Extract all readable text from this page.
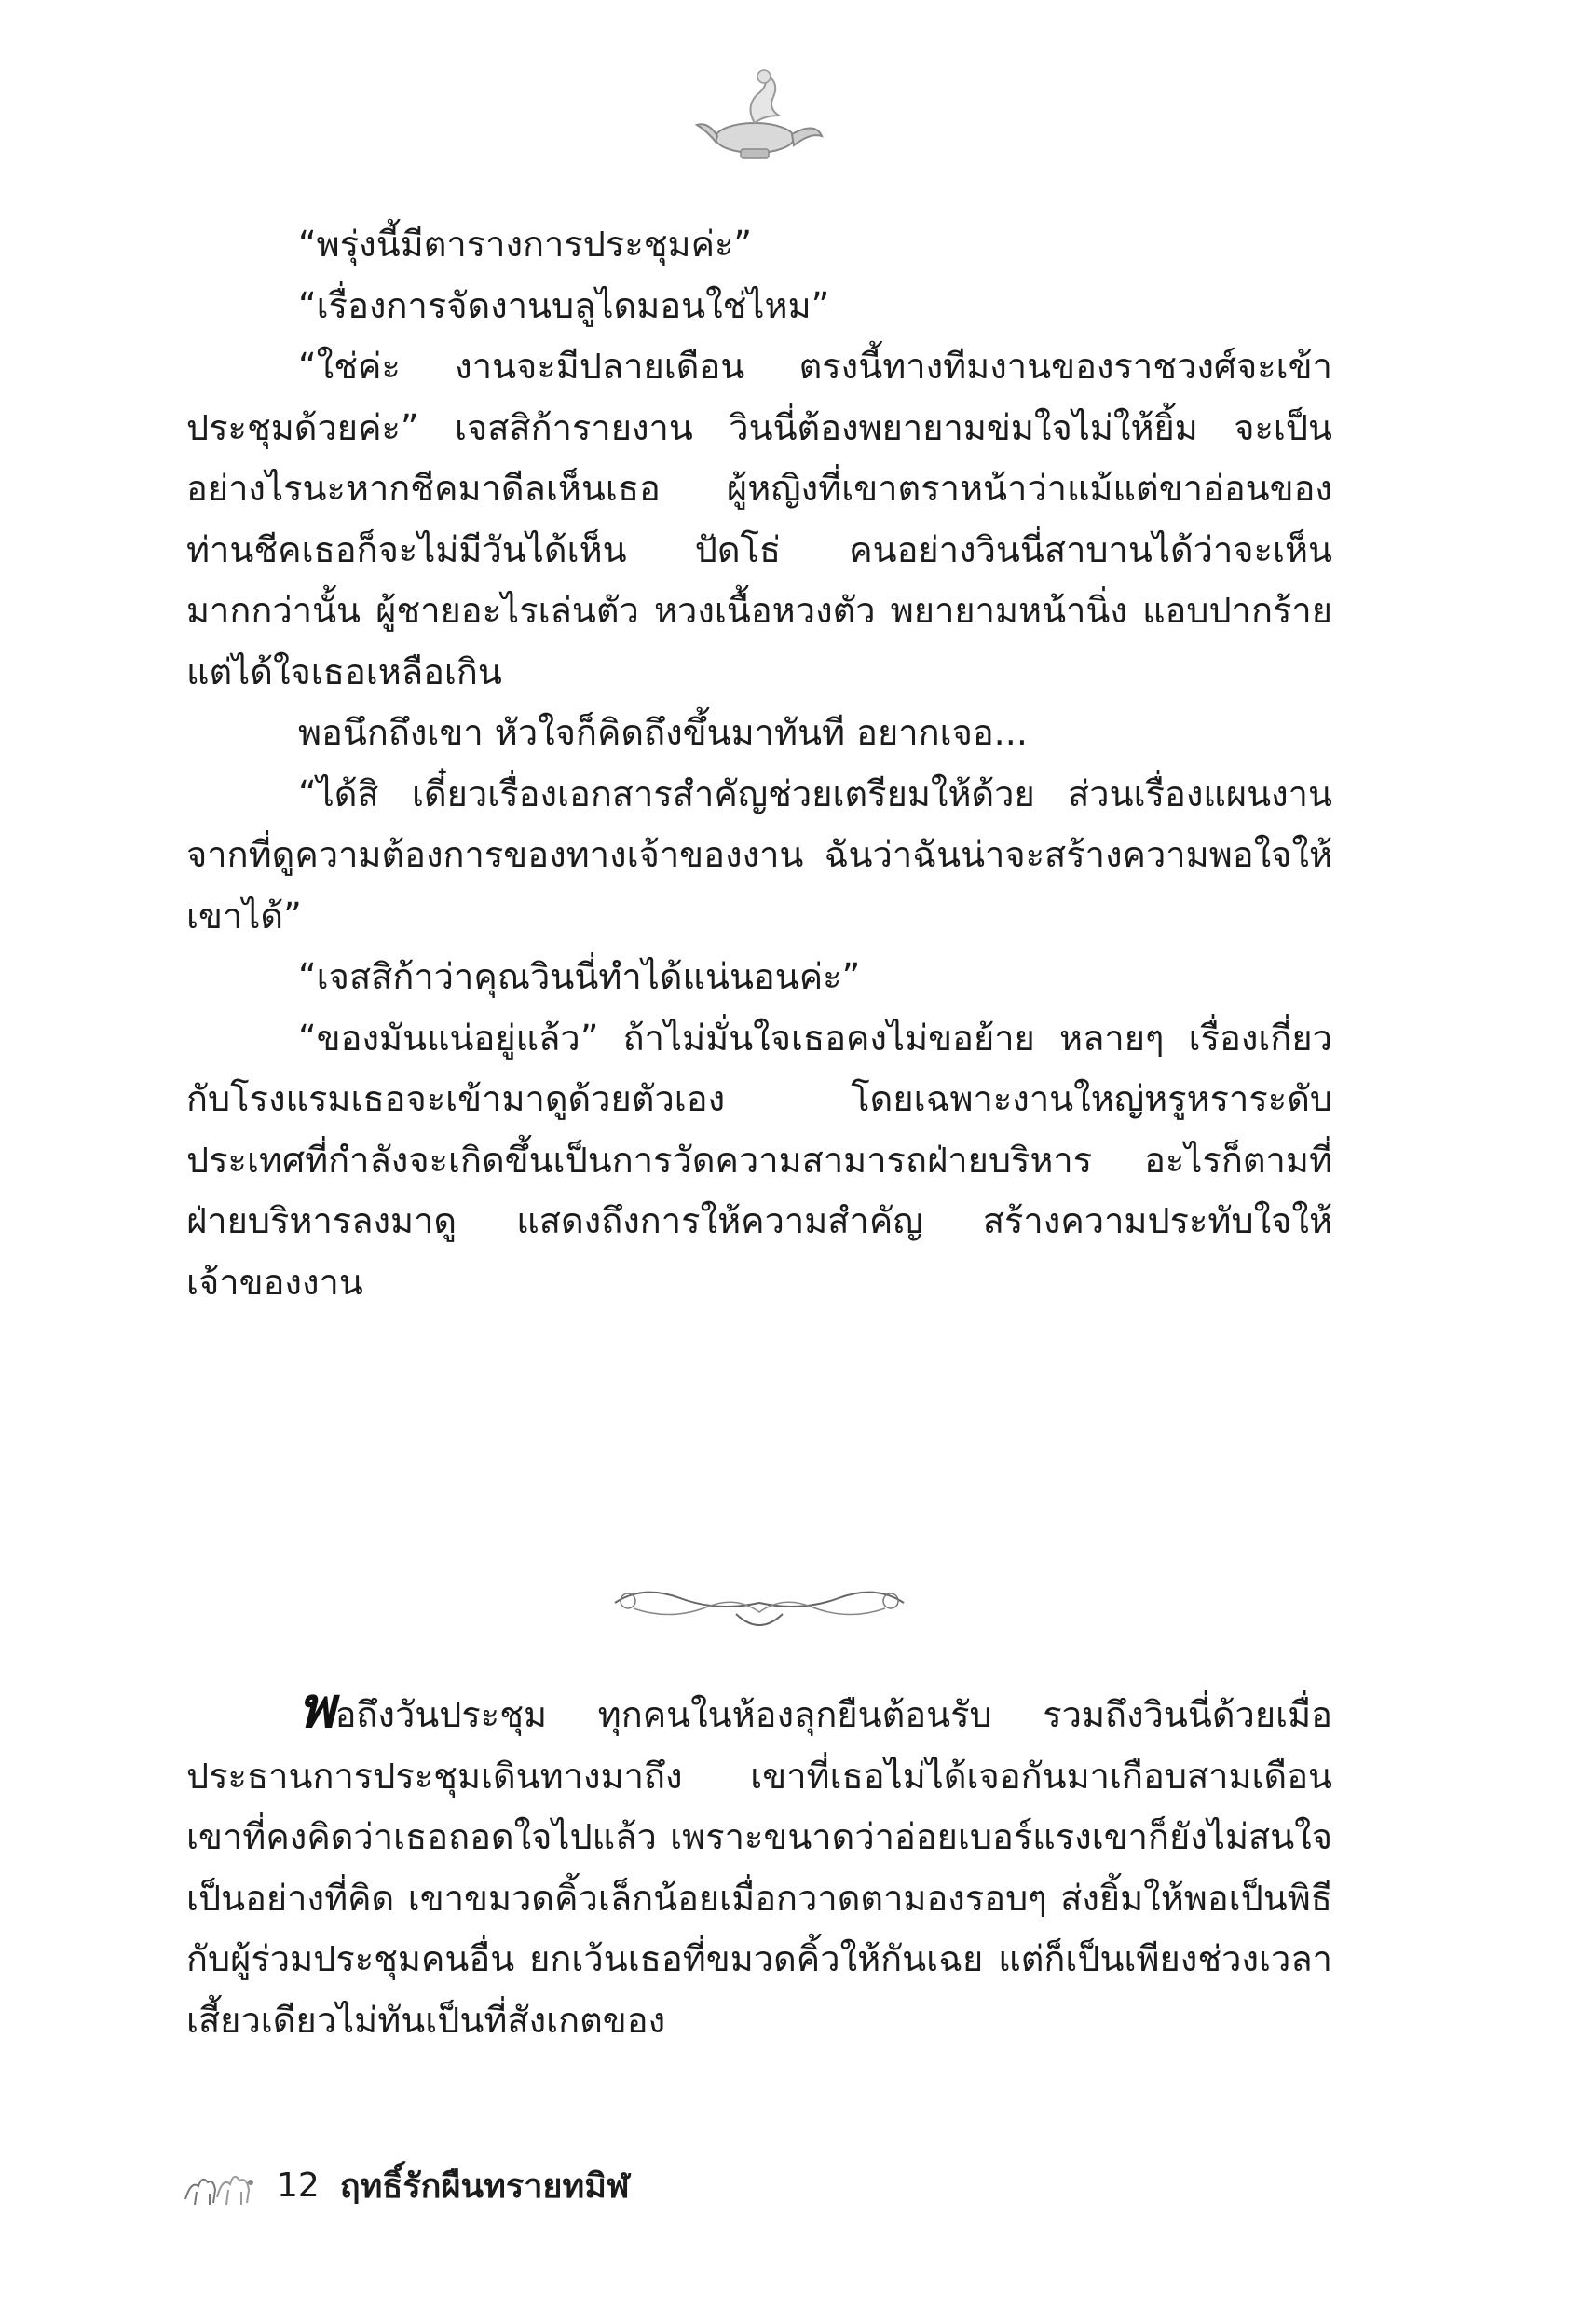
“พรุ่งนี้มีตารางการประชุมค่ะ”

“เรื่องการจัดงานบลูไดมอนใช่ไหม”

“ใช่ค่ะ งานจะมีปลายเดือน ตรงนี้ทางทีมงานของราชวงศ์จะเข้าประชุมด้วยค่ะ” เจสสิก้ารายงาน วินนี่ต้องพยายามข่มใจไม่ให้ยิ้ม จะเป็นอย่างไรนะหากชีคมาดีลเห็นเธอ ผู้หญิงที่เขาตราหน้าว่าแม้แต่ขาอ่อนของท่านชีคเธอก็จะไม่มีวันได้เห็น ปัดโธ่ คนอย่างวินนี่สาบานได้ว่าจะเห็นมากกว่านั้น ผู้ชายอะไรเล่นตัว หวงเนื้อหวงตัว พยายามหน้านิ่ง แอบปากร้าย แต่ได้ใจเธอเหลือเกิน

พอนึกถึงเขา หัวใจก็คิดถึงขึ้นมาทันที อยากเจอ...

“ได้สิ เดี๋ยวเรื่องเอกสารสำคัญช่วยเตรียมให้ด้วย ส่วนเรื่องแผนงาน จากที่ดูความต้องการของทางเจ้าของงาน ฉันว่าฉันน่าจะสร้างความพอใจให้เขาได้”

“เจสสิก้าว่าคุณวินนี่ทำได้แน่นอนค่ะ”

“ของมันแน่อยู่แล้ว” ถ้าไม่มั่นใจเธอคงไม่ขอย้าย หลายๆ เรื่องเกี่ยวกับโรงแรมเธอจะเข้ามาดูด้วยตัวเอง โดยเฉพาะงานใหญ่หรูหราระดับประเทศที่กำลังจะเกิดขึ้นเป็นการวัดความสามารถฝ่ายบริหาร อะไรก็ตามที่ฝ่ายบริหารลงมาดู แสดงถึงการให้ความสำคัญ สร้างความประทับใจให้เจ้าของงาน

พอถึงวันประชุม ทุกคนในห้องลุกยืนต้อนรับ รวมถึงวินนี่ด้วยเมื่อประธานการประชุมเดินทางมาถึง เขาที่เธอไม่ได้เจอกันมาเกือบสามเดือน เขาที่คงคิดว่าเธอถอดใจไปแล้ว เพราะขนาดว่าอ่อยเบอร์แรงเขาก็ยังไม่สนใจ เป็นอย่างที่คิด เขาขมวดคิ้วเล็กน้อยเมื่อกวาดตามองรอบๆ ส่งยิ้มให้พอเป็นพิธีกับผู้ร่วมประชุมคนอื่น ยกเว้นเธอที่ขมวดคิ้วให้กันเฉย แต่ก็เป็นเพียงช่วงเวลาเสี้ยวเดียวไม่ทันเป็นที่สังเกตของ

12 ฤทธิ์รักผืนทรายทมิฬ
